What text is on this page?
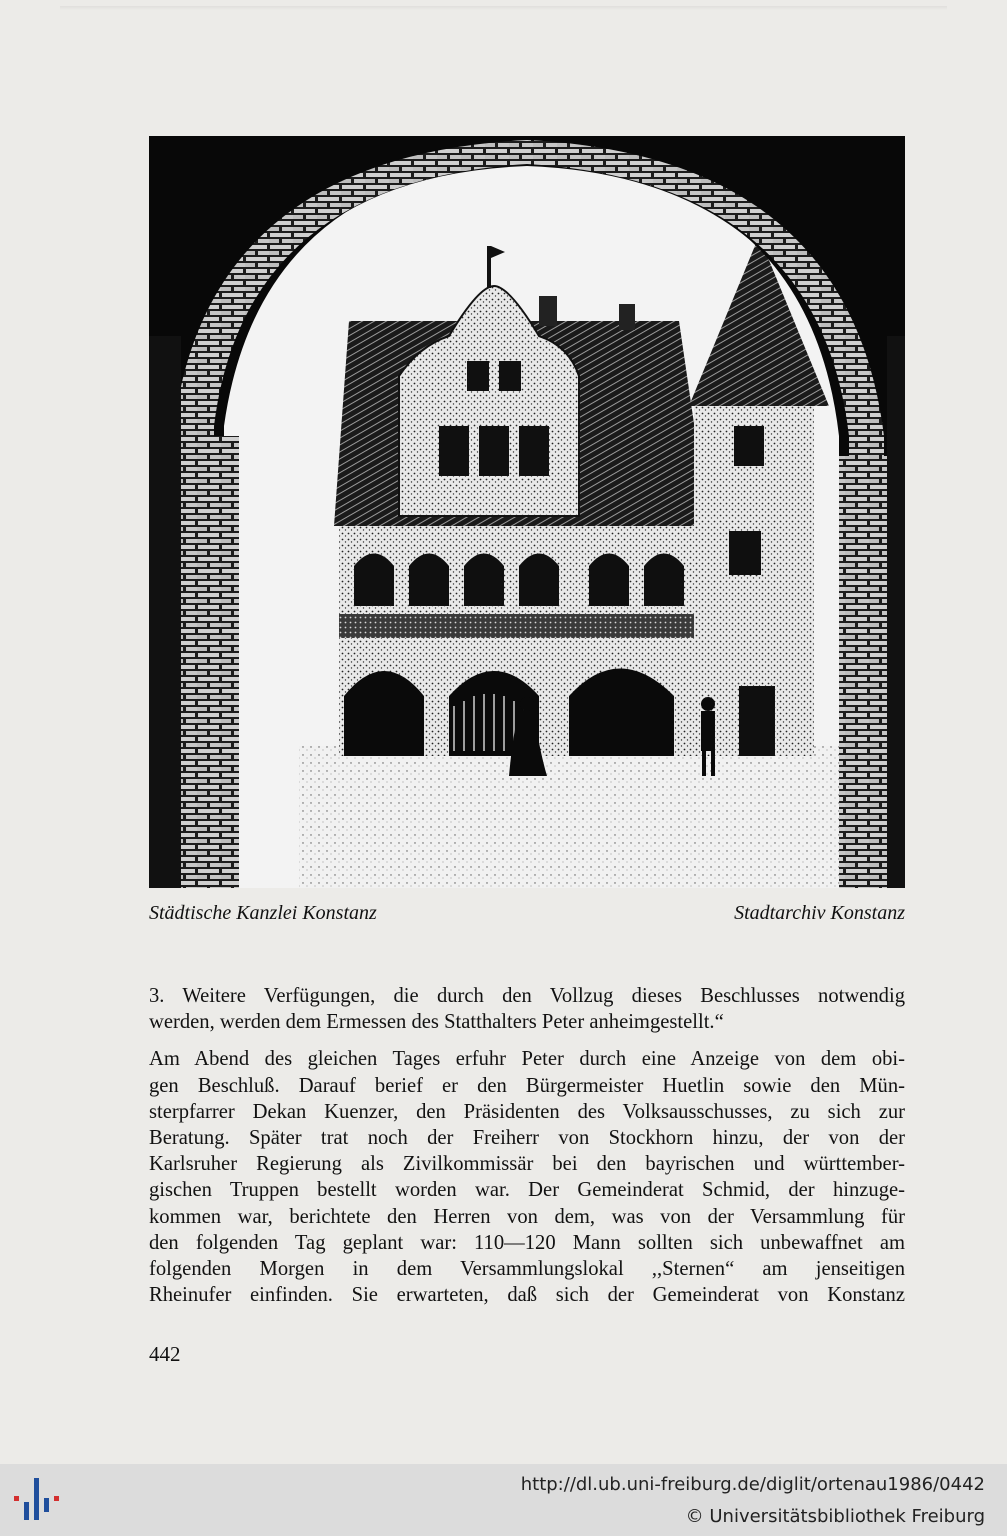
Städtische Kanzlei Konstanz	Stadtarchiv Konstanz

3. Weitere Verfügungen, die durch den Vollzug dieses Beschlusses notwendig
werden, werden dem Ermessen des Statthalters Peter anheimgestellt.“

Am Abend des gleichen Tages erfuhr Peter durch eine Anzeige von dem obi-
gen Beschluß. Darauf berief er den Bürgermeister Huetlin sowie den Mün-
sterpfarrer Dekan Kuenzer, den Präsidenten des Volksausschusses, zu sich zur
Beratung. Später trat noch der Freiherr von Stockhorn hinzu, der von der
Karlsruher Regierung als Zivilkommissär bei den bayrischen und württember-
gischen Truppen bestellt worden war. Der Gemeinderat Schmid, der hinzuge-
kommen war, berichtete den Herren von dem, was von der Versammlung für
den folgenden Tag geplant war: 110—120 Mann sollten sich unbewaffnet am
folgenden Morgen in dem Versammlungslokal ,,Sternen“ am jenseitigen
Rheinufer einfinden. Sie erwarteten, daß sich der Gemeinderat von Konstanz

442
http://dl.ub.uni-freiburg.de/diglit/ortenau1986/0442
© Universitätsbibliothek Freiburg
